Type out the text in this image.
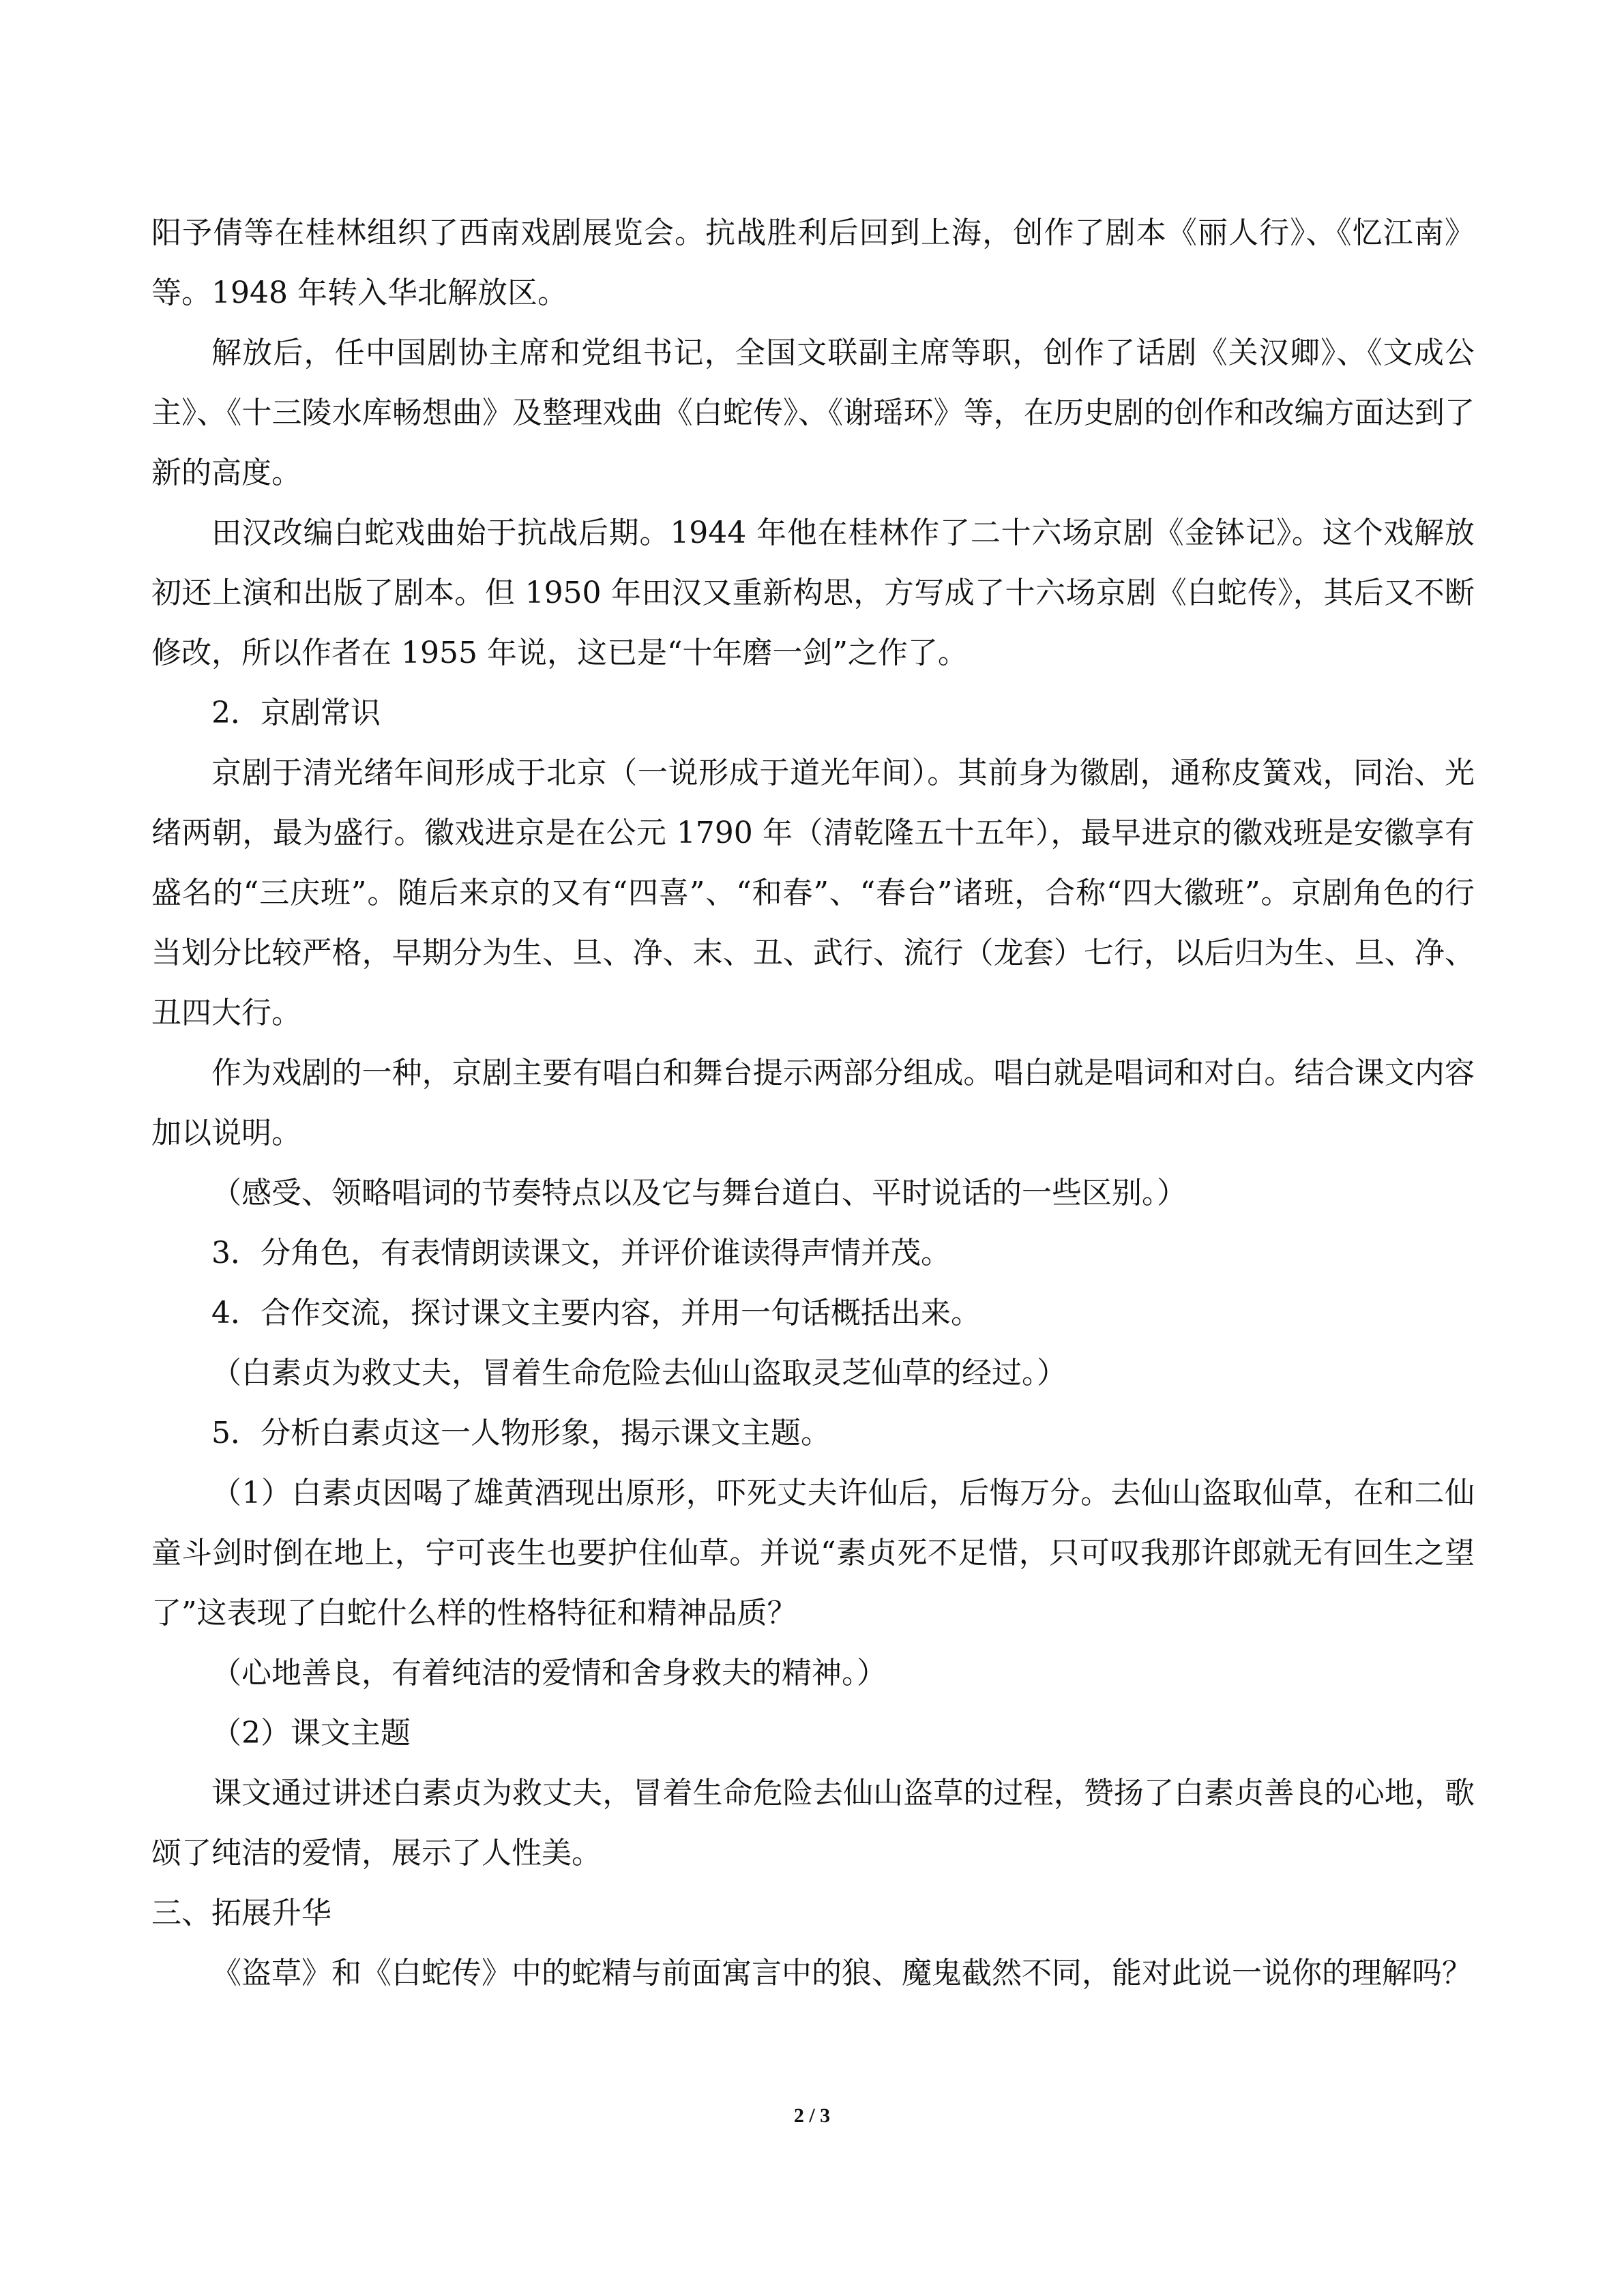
阳予倩等在桂林组织了西南戏剧展览会。抗战胜利后回到上海，创作了剧本《丽人行》、《忆江南》等。1948 年转入华北解放区。

解放后，任中国剧协主席和党组书记，全国文联副主席等职，创作了话剧《关汉卿》、《文成公主》、《十三陵水库畅想曲》及整理戏曲《白蛇传》、《谢瑶环》等，在历史剧的创作和改编方面达到了新的高度。

田汉改编白蛇戏曲始于抗战后期。1944 年他在桂林作了二十六场京剧《金钵记》。这个戏解放初还上演和出版了剧本。但 1950 年田汉又重新构思，方写成了十六场京剧《白蛇传》，其后又不断修改，所以作者在 1955 年说，这已是“十年磨一剑”之作了。

2．京剧常识

京剧于清光绪年间形成于北京（一说形成于道光年间）。其前身为徽剧，通称皮簧戏，同治、光绪两朝，最为盛行。徽戏进京是在公元 1790 年（清乾隆五十五年），最早进京的徽戏班是安徽享有盛名的“三庆班”。随后来京的又有“四喜”、“和春”、“春台”诸班，合称“四大徽班”。京剧角色的行当划分比较严格，早期分为生、旦、净、末、丑、武行、流行（龙套）七行，以后归为生、旦、净、丑四大行。

作为戏剧的一种，京剧主要有唱白和舞台提示两部分组成。唱白就是唱词和对白。结合课文内容加以说明。

（感受、领略唱词的节奏特点以及它与舞台道白、平时说话的一些区别。）

3．分角色，有表情朗读课文，并评价谁读得声情并茂。

4．合作交流，探讨课文主要内容，并用一句话概括出来。

（白素贞为救丈夫，冒着生命危险去仙山盗取灵芝仙草的经过。）

5．分析白素贞这一人物形象，揭示课文主题。

（1）白素贞因喝了雄黄酒现出原形，吓死丈夫许仙后，后悔万分。去仙山盗取仙草，在和二仙童斗剑时倒在地上，宁可丧生也要护住仙草。并说“素贞死不足惜，只可叹我那许郎就无有回生之望了”这表现了白蛇什么样的性格特征和精神品质？

（心地善良，有着纯洁的爱情和舍身救夫的精神。）

（2）课文主题

课文通过讲述白素贞为救丈夫，冒着生命危险去仙山盗草的过程，赞扬了白素贞善良的心地，歌颂了纯洁的爱情，展示了人性美。

三、拓展升华

《盗草》和《白蛇传》中的蛇精与前面寓言中的狼、魔鬼截然不同，能对此说一说你的理解吗？

2 / 3
